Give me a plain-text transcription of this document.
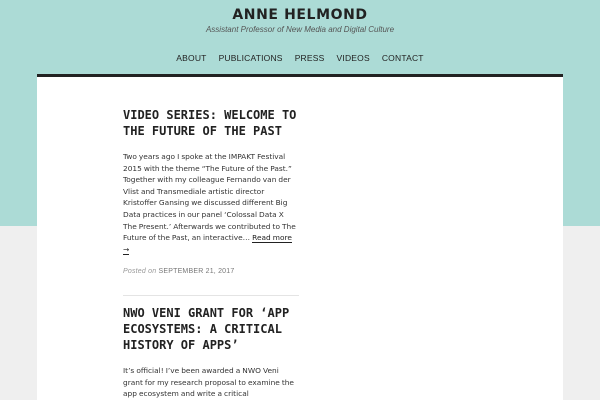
ANNE HELMOND
Assistant Professor of New Media and Digital Culture
ABOUT PUBLICATIONS PRESS VIDEOS CONTACT
VIDEO SERIES: WELCOME TO THE FUTURE OF THE PAST

Two years ago I spoke at the IMPAKT Festival 2015 with the theme “The Future of the Past.” Together with my colleague Fernando van der Vlist and Transmediale artistic director Kristoffer Gansing we discussed different Big Data practices in our panel ‘Colossal Data X The Present.’ Afterwards we contributed to The Future of the Past, an interactive… Read more →

Posted on SEPTEMBER 21, 2017
NWO VENI GRANT FOR ‘APP ECOSYSTEMS: A CRITICAL HISTORY OF APPS’

It’s official! I’ve been awarded a NWO Veni grant for my research proposal to examine the app ecosystem and write a critical
